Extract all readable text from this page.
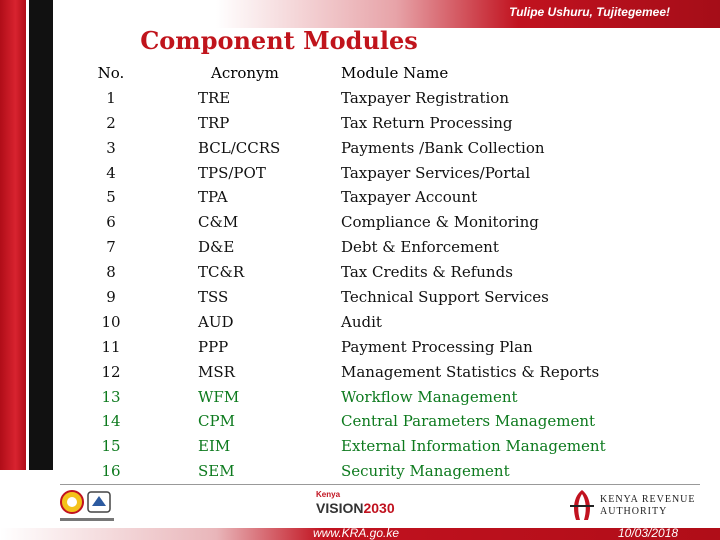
Tulipe Ushuru, Tujitegemee!
Component Modules
No.
1
2
3
4
5
6
7
8
9
10
11
12
13
14
15
16
Acronym
TRE
TRP
BCL/CCRS
TPS/POT
TPA
C&M
D&E
TC&R
TSS
AUD
PPP
MSR
WFM
CPM
EIM
SEM
Module Name
Taxpayer Registration
Tax Return Processing
Payments /Bank Collection
Taxpayer Services/Portal
Taxpayer Account
Compliance & Monitoring
Debt & Enforcement
Tax Credits & Refunds
Technical Support Services
Audit
Payment Processing Plan
Management Statistics & Reports
Workflow Management
Central Parameters Management
External Information Management
Security Management
Kenya
VISION2030
KENYA REVENUE
AUTHORITY
www.KRA.go.ke	10/03/2018
